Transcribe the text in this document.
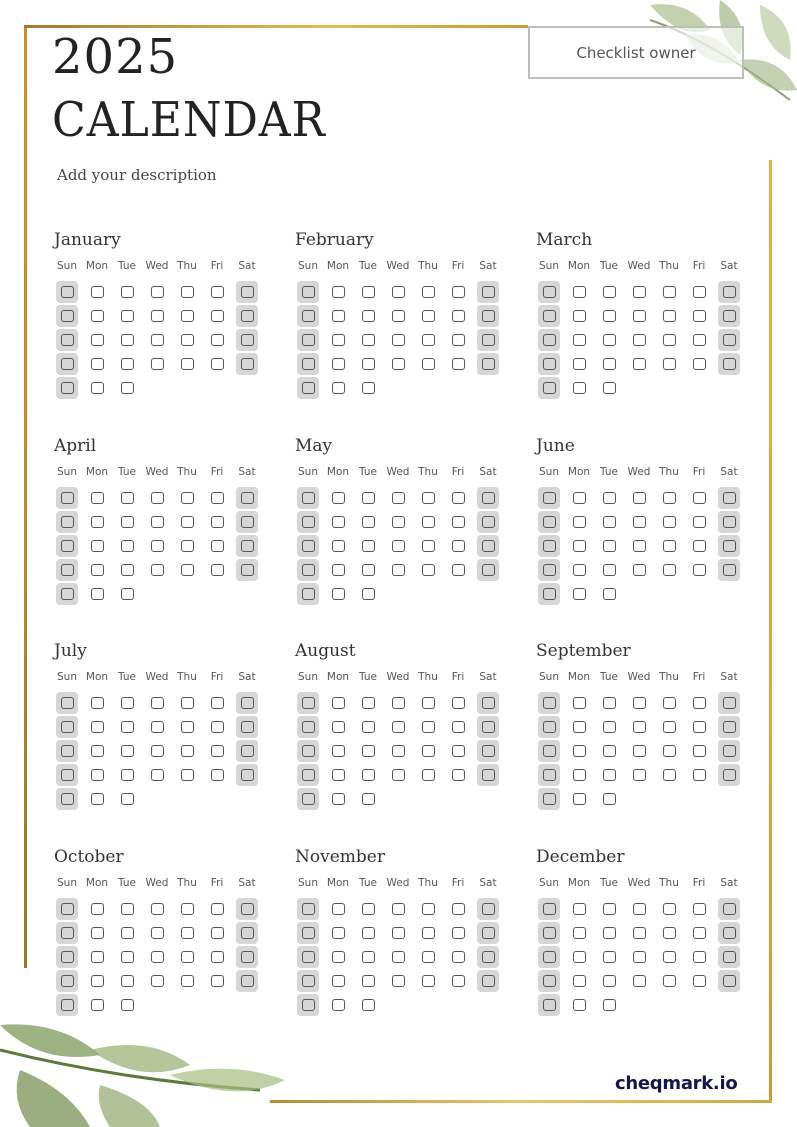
2025
CALENDAR
Checklist owner
Add your description
January
Sun Mon Tue Wed Thu	Fri	Sat
February
Sun Mon Tue Wed Thu	Fri	Sat
March
Sun Mon Tue Wed Thu	Fri	Sat
April
Sun Mon Tue Wed Thu	Fri	Sat
May
Sun Mon Tue Wed Thu	Fri	Sat
June
Sun Mon Tue Wed Thu	Fri	Sat
July
Sun Mon Tue Wed Thu	Fri	Sat
August
Sun Mon Tue Wed Thu	Fri	Sat
September
Sun Mon Tue Wed Thu	Fri	Sat
October
Sun Mon Tue Wed Thu	Fri	Sat
November
Sun Mon Tue Wed Thu	Fri	Sat
December
Sun Mon Tue Wed Thu	Fri	Sat
cheqmark.io
